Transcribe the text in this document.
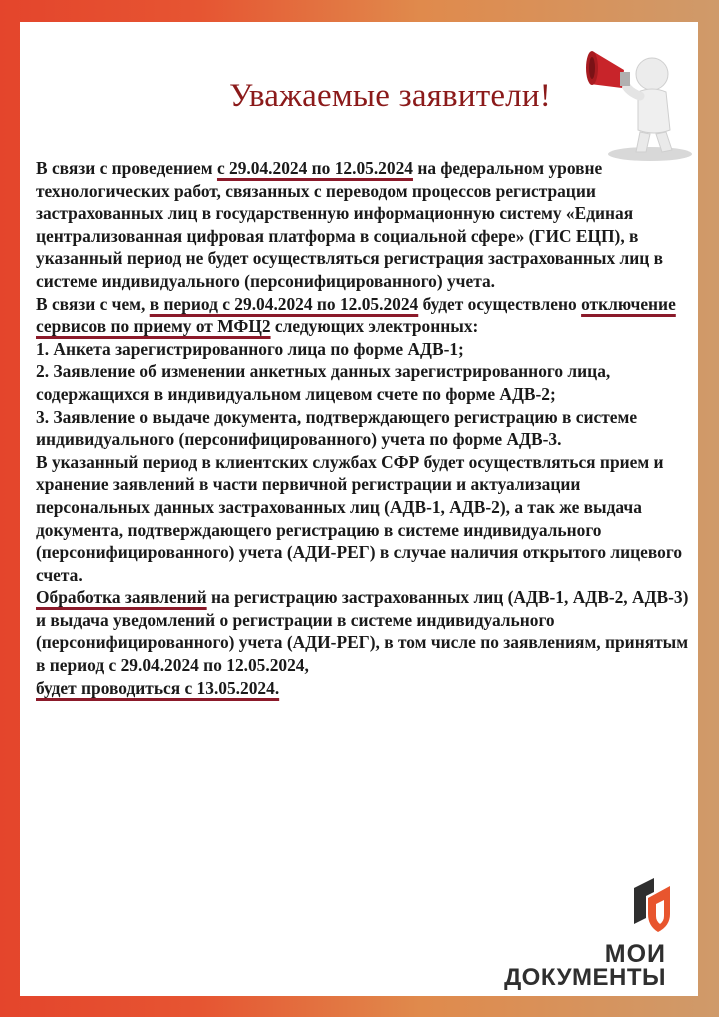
Уважаемые заявители!

В связи с проведением с 29.04.2024 по 12.05.2024 на федеральном уровне технологических работ, связанных с переводом процессов регистрации застрахованных лиц в государственную информационную систему «Единая централизованная цифровая платформа в социальной сфере» (ГИС ЕЦП), в указанный период не будет осуществляться регистрация застрахованных лиц в системе индивидуального (персонифицированного) учета.

В связи с чем, в период с 29.04.2024 по 12.05.2024 будет осуществлено отключение сервисов по приему от МФЦ2 следующих электронных:

1. Анкета зарегистрированного лица по форме АДВ-1;

2. Заявление об изменении анкетных данных зарегистрированного лица, содержащихся в индивидуальном лицевом счете по форме АДВ-2;

3. Заявление о выдаче документа, подтверждающего регистрацию в системе индивидуального (персонифицированного) учета по форме АДВ-3.

В указанный период в клиентских службах СФР будет осуществляться прием и хранение заявлений в части первичной регистрации и актуализации персональных данных застрахованных лиц (АДВ-1, АДВ-2), а так же выдача документа, подтверждающего регистрацию в системе индивидуального (персонифицированного) учета (АДИ-РЕГ) в случае наличия открытого лицевого

счета.

Обработка заявлений на регистрацию застрахованных лиц (АДВ-1, АДВ-2, АДВ-3) и выдача уведомлений о регистрации в системе индивидуального (персонифицированного) учета (АДИ-РЕГ), в том числе по заявлениям, принятым в период с 29.04.2024 по 12.05.2024,
будет проводиться с 13.05.2024.

МОИ
ДОКУМЕНТЫ
